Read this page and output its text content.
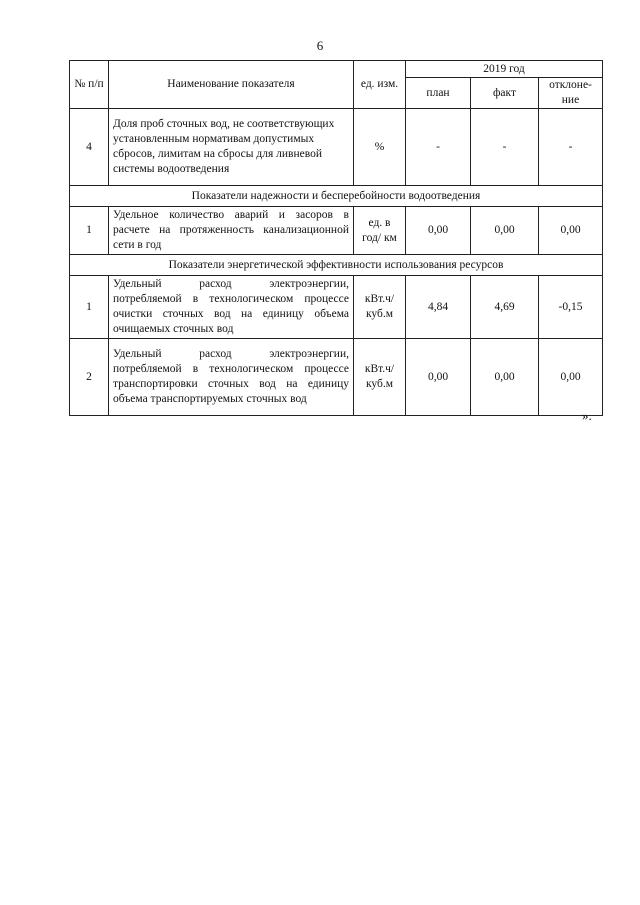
6
№ п/п	Наименование показателя	ед. изм.	2019 год		
			план	факт	отклоне-ние
4	Доля проб сточных вод, не соответствующих установленным нормативам допустимых сбросов, лимитам на сбросы для ливневой системы водоотведения	%	-	-	-
Показатели надежности и бесперебойности водоотведения					
1	Удельное количество аварий и засоров в расчете на протяженность канализационной сети в год	ед. в год/ км	0,00	0,00	0,00
Показатели энергетической эффективности использования ресурсов					
1	Удельный расход электроэнергии, потребляемой в технологическом процессе очистки сточных вод на единицу объема очищаемых сточных вод	кВт.ч/ куб.м	4,84	4,69	-0,15
2	Удельный расход электроэнергии, потребляемой в технологическом процессе транспортировки сточных вод на единицу объема транспортируемых сточных вод	кВт.ч/ куб.м	0,00	0,00	0,00
».
